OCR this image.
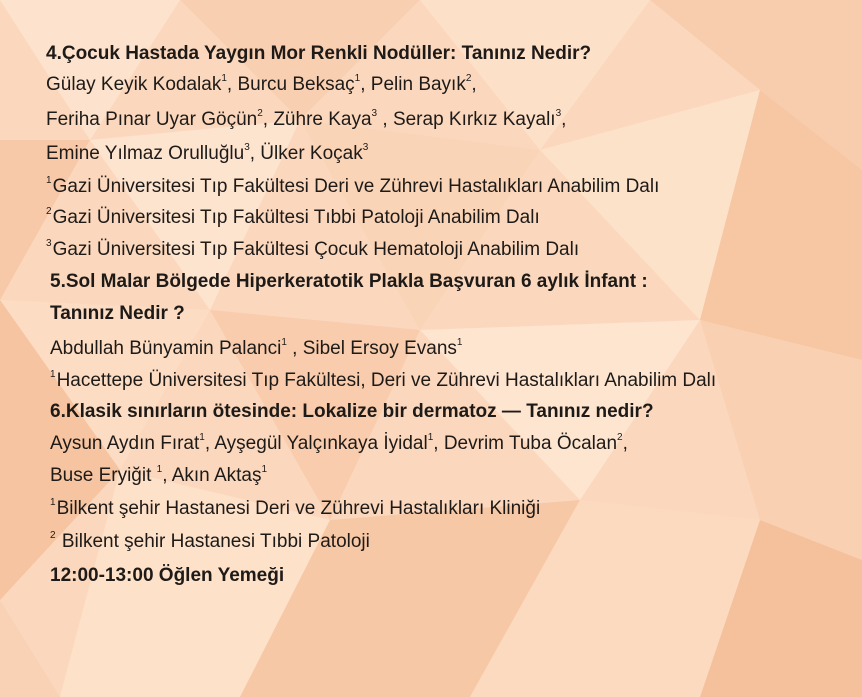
4.Çocuk Hastada Yaygın Mor Renkli Nodüller: Tanınız Nedir?
Gülay Keyik Kodalak$^1$, Burcu Beksaç$^1$, Pelin Bayık$^2$,
Feriha Pınar Uyar Göçün$^2$, Zühre Kaya$^3$ , Serap Kırkız Kayalı$^3$,
Emine Yılmaz Orulluğlu$^3$, Ülker Koçak$^3$
$^1$Gazi Üniversitesi Tıp Fakültesi Deri ve Zührevi Hastalıkları Anabilim Dalı
$^2$Gazi Üniversitesi Tıp Fakültesi Tıbbi Patoloji Anabilim Dalı
$^3$Gazi Üniversitesi Tıp Fakültesi Çocuk Hematoloji Anabilim Dalı
5.Sol Malar Bölgede Hiperkeratotik Plakla Başvuran 6 aylık İnfant :
Tanınız Nedir ?
Abdullah Bünyamin Palanci$^1$ , Sibel Ersoy Evans$^1$
$^1$Hacettepe Üniversitesi Tıp Fakültesi, Deri ve Zührevi Hastalıkları Anabilim Dalı
6.Klasik sınırların ötesinde: Lokalize bir dermatoz — Tanınız nedir?
Aysun Aydın Fırat$^1$, Ayşegül Yalçınkaya İyidal$^1$, Devrim Tuba Öcalan$^2$,
Buse Eryiğit $^1$, Akın Aktaş$^1$
$^1$Bilkent şehir Hastanesi Deri ve Zührevi Hastalıkları Kliniği
$^2$ Bilkent şehir Hastanesi Tıbbi Patoloji
12:00-13:00 Öğlen Yemeği
